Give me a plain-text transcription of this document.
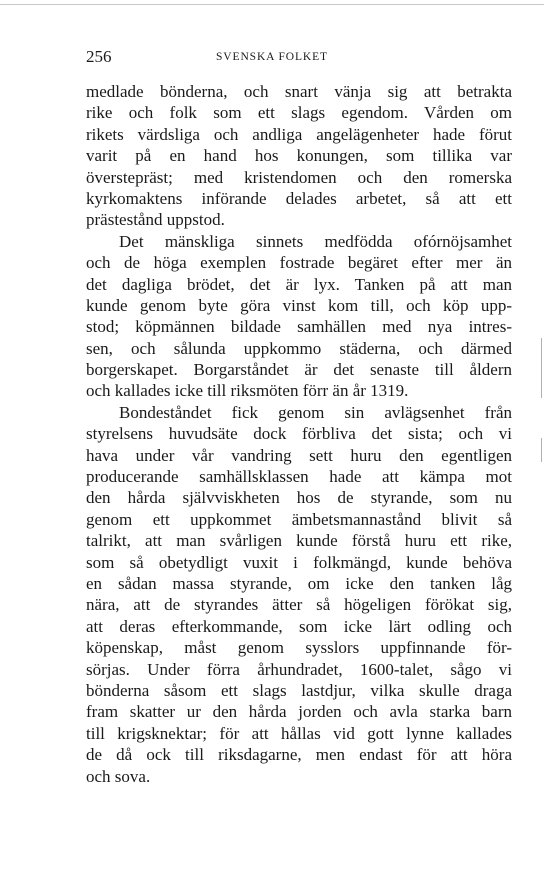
256	SVENSKA FOLKET
medlade bönderna, och snart vänja sig att betrakta
rike och folk som ett slags egendom. Vården om
rikets värdsliga och andliga angelägenheter hade förut
varit på en hand hos konungen, som tillika var
överstepräst; med kristendomen och den romerska
kyrkomaktens införande delades arbetet, så att ett
prästestånd uppstod.
Det mänskliga sinnets medfödda ofórnöjsamhet
och de höga exemplen fostrade begäret efter mer än
det dagliga brödet, det är lyx. Tanken på att man
kunde genom byte göra vinst kom till, och köp upp-
stod; köpmännen bildade samhällen med nya intres-
sen, och sålunda uppkommo städerna, och därmed
borgerskapet. Borgarståndet är det senaste till åldern
och kallades icke till riksmöten förr än år 1319.
Bondeståndet fick genom sin avlägsenhet från
styrelsens huvudsäte dock förbliva det sista; och vi
hava under vår vandring sett huru den egentligen
producerande samhällsklassen hade att kämpa mot
den hårda självviskheten hos de styrande, som nu
genom ett uppkommet ämbetsmannastånd blivit så
talrikt, att man svårligen kunde förstå huru ett rike,
som så obetydligt vuxit i folkmängd, kunde behöva
en sådan massa styrande, om icke den tanken låg
nära, att de styrandes ätter så högeligen förökat sig,
att deras efterkommande, som icke lärt odling och
köpenskap, måst genom sysslors uppfinnande för-
sörjas. Under förra århundradet, 1600-talet, sågo vi
bönderna såsom ett slags lastdjur, vilka skulle draga
fram skatter ur den hårda jorden och avla starka barn
till krigsknektar; för att hållas vid gott lynne kallades
de då ock till riksdagarne, men endast för att höra
och sova.
